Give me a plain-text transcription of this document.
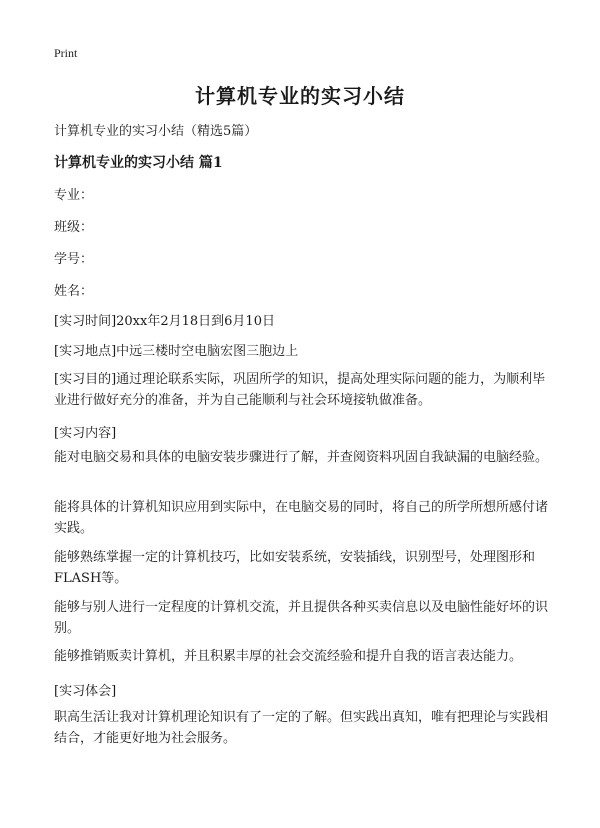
Print
计算机专业的实习小结
计算机专业的实习小结（精选5篇）
计算机专业的实习小结 篇1
专业：
班级：
学号：
姓名：
[实习时间]20xx年2月18日到6月10日
[实习地点]中远三楼时空电脑宏图三胞边上
[实习目的]通过理论联系实际，巩固所学的知识，提高处理实际问题的能力，为顺利毕业进行做好充分的准备，并为自己能顺利与社会环境接轨做准备。
[实习内容]
能对电脑交易和具体的电脑安装步骤进行了解，并查阅资料巩固自我缺漏的电脑经验。
能将具体的计算机知识应用到实际中，在电脑交易的同时，将自己的所学所想所感付诸实践。
能够熟练掌握一定的计算机技巧，比如安装系统，安装插线，识别型号，处理图形和FLASH等。
能够与别人进行一定程度的计算机交流，并且提供各种买卖信息以及电脑性能好坏的识别。
能够推销贩卖计算机，并且积累丰厚的社会交流经验和提升自我的语言表达能力。
[实习体会]
职高生活让我对计算机理论知识有了一定的了解。但实践出真知，唯有把理论与实践相结合，才能更好地为社会服务。
